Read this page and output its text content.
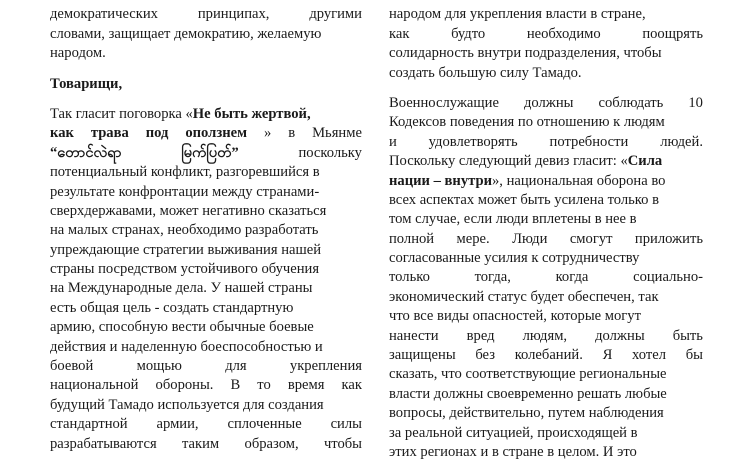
демократических	принципах,	другими
словами, защищает демократию, желаемую
народом.
Товарищи,
Так гласит поговорка «Не быть жертвой,
как трава под оползнем » в Мьянме
“တောင်လဲရာ	မြက်ပြတ်”	поскольку
потенциальный конфликт, разгоревшийся в
результате конфронтации между странами-
сверхдержавами, может негативно сказаться
на малых странах, необходимо разработать
упреждающие стратегии выживания нашей
страны посредством устойчивого обучения
на Международные дела. У нашей страны
есть общая цель - создать стандартную
армию, способную вести обычные боевые
действия и наделенную боеспособностью и
боевой	мощью	для	укрепления
национальной обороны. В то время как
будущий Тамадо используется для создания
стандартной армии, сплоченные силы
разрабатываются таким образом, чтобы

народом для укрепления власти в стране,
как	будто	необходимо	поощрять
солидарность внутри подразделения, чтобы
создать большую силу Тамадо.
Военнослужащие должны соблюдать 10
Кодексов поведения по отношению к людям
и удовлетворять потребности людей.
Поскольку следующий девиз гласит: «Сила
нации – внутри», национальная оборона во
всех аспектах может быть усилена только в
том случае, если люди вплетены в нее в
полной мере. Люди смогут приложить
согласованные усилия к сотрудничеству
только	тогда,	когда	социально-
экономический статус будет обеспечен, так
что все виды опасностей, которые могут
нанести вред людям, должны быть
защищены без колебаний. Я хотел бы
сказать, что соответствующие региональные
власти должны своевременно решать любые
вопросы, действительно, путем наблюдения
за реальной ситуацией, происходящей в
этих регионах и в стране в целом. И это
